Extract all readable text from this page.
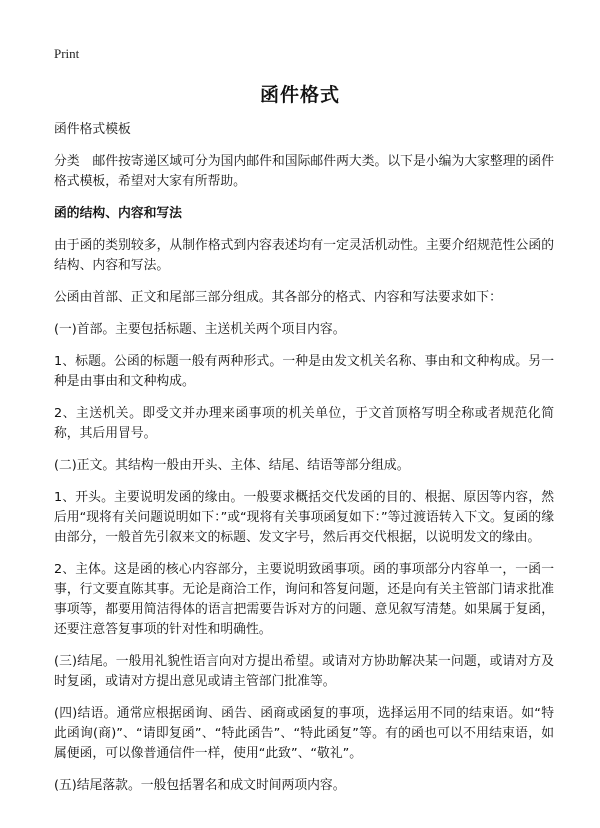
Print
函件格式

函件格式模板

分类　邮件按寄递区域可分为国内邮件和国际邮件两大类。以下是小编为大家整理的函件格式模板，希望对大家有所帮助。

函的结构、内容和写法

由于函的类别较多，从制作格式到内容表述均有一定灵活机动性。主要介绍规范性公函的结构、内容和写法。

公函由首部、正文和尾部三部分组成。其各部分的格式、内容和写法要求如下：

(一)首部。主要包括标题、主送机关两个项目内容。

1、标题。公函的标题一般有两种形式。一种是由发文机关名称、事由和文种构成。另一种是由事由和文种构成。

2、主送机关。即受文并办理来函事项的机关单位，于文首顶格写明全称或者规范化简称，其后用冒号。

(二)正文。其结构一般由开头、主体、结尾、结语等部分组成。

1、开头。主要说明发函的缘由。一般要求概括交代发函的目的、根据、原因等内容，然后用“现将有关问题说明如下：”或“现将有关事项函复如下：”等过渡语转入下文。复函的缘由部分，一般首先引叙来文的标题、发文字号，然后再交代根据，以说明发文的缘由。

2、主体。这是函的核心内容部分，主要说明致函事项。函的事项部分内容单一，一函一事，行文要直陈其事。无论是商洽工作，询问和答复问题，还是向有关主管部门请求批准事项等，都要用简洁得体的语言把需要告诉对方的问题、意见叙写清楚。如果属于复函，还要注意答复事项的针对性和明确性。

(三)结尾。一般用礼貌性语言向对方提出希望。或请对方协助解决某一问题，或请对方及时复函，或请对方提出意见或请主管部门批准等。

(四)结语。通常应根据函询、函告、函商或函复的事项，选择运用不同的结束语。如“特此函询(商)”、“请即复函”、“特此函告”、“特此函复”等。有的函也可以不用结束语，如属便函，可以像普通信件一样，使用“此致”、“敬礼”。

(五)结尾落款。一般包括署名和成文时间两项内容。
